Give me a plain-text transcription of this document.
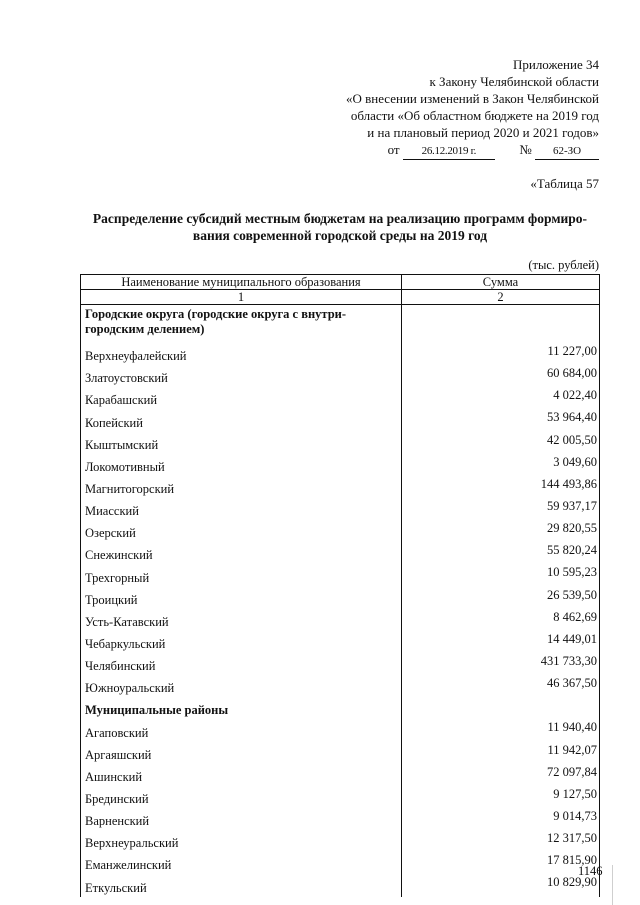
Приложение 34
к Закону Челябинской области
«О внесении изменений в Закон Челябинской
области «Об областном бюджете на 2019 год
и на плановый период 2020 и 2021 годов»
от 26.12.2019 г.	№ 62-ЗО
«Таблица 57
Распределение субсидий местным бюджетам на реализацию программ формиро-
вания современной городской среды на 2019 год
(тыс. рублей)
Наименование муниципального образования	Сумма
1	2
Городские округа (городские округа с внутри-
городским делением)	
Верхнеуфалейский	11 227,00
Златоустовский	60 684,00
Карабашский	4 022,40
Копейский	53 964,40
Кыштымский	42 005,50
Локомотивный	3 049,60
Магнитогорский	144 493,86
Миасский	59 937,17
Озерский	29 820,55
Снежинский	55 820,24
Трехгорный	10 595,23
Троицкий	26 539,50
Усть-Катавский	8 462,69
Чебаркульский	14 449,01
Челябинский	431 733,30
Южноуральский	46 367,50
Муниципальные районы	
Агаповский	11 940,40
Аргаяшский	11 942,07
Ашинский	72 097,84
Брединский	9 127,50
Варненский	9 014,73
Верхнеуральский	12 317,50
Еманжелинский	17 815,90
Еткульский	10 829,90
1146
